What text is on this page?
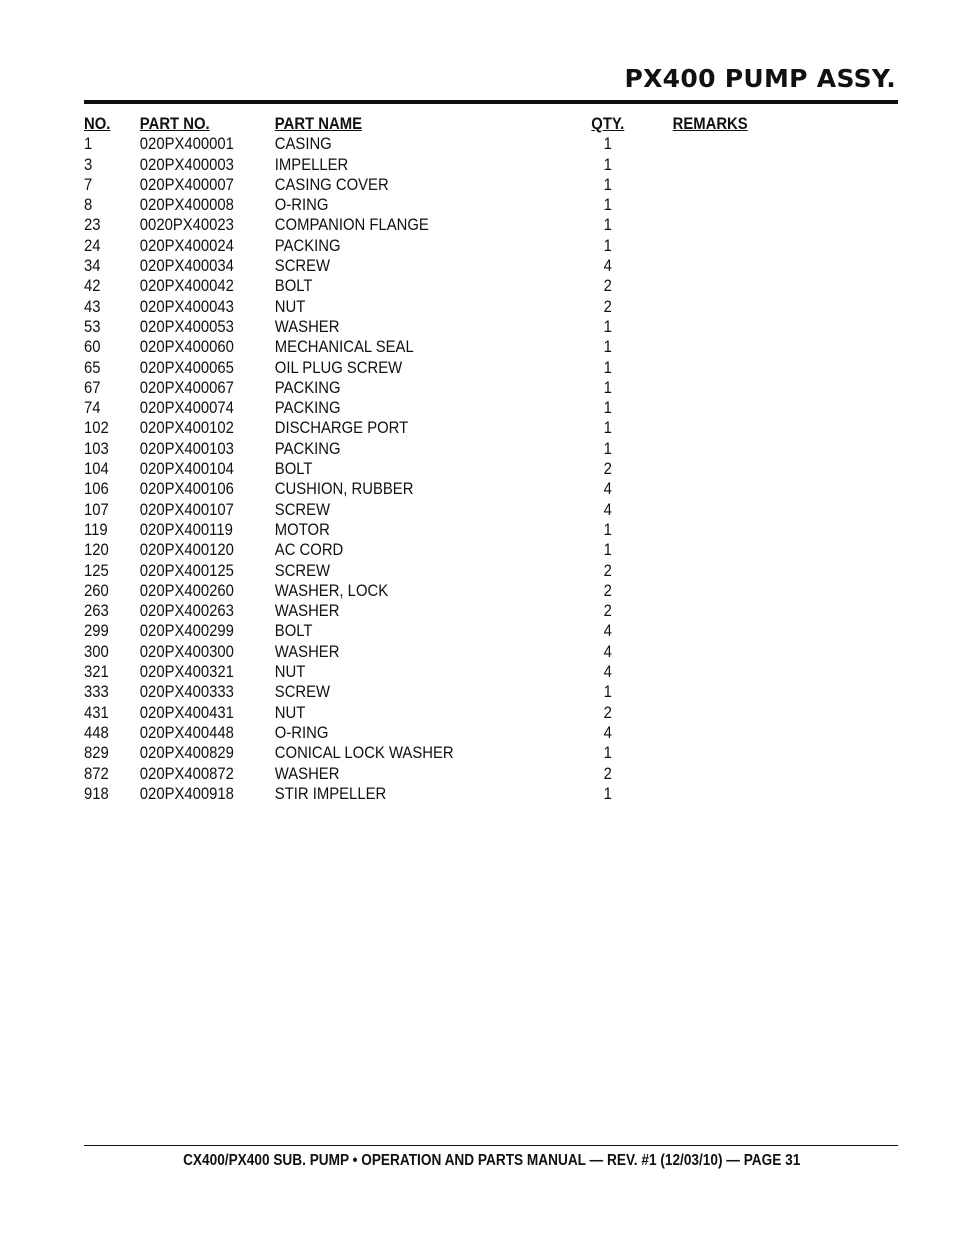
PX400 PUMP ASSY.
NO. PART NO.	PART NAME	QTY.	REMARKS
1	020PX400001 CASING	1
3	020PX400003 IMPELLER	1
7	020PX400007 CASING COVER	1
8	020PX400008 O-RING	1
23 0020PX40023 COMPANION FLANGE	1
24 020PX400024 PACKING	1
34 020PX400034 SCREW	4
42 020PX400042 BOLT	2
43 020PX400043 NUT	2
53 020PX400053 WASHER	1
60 020PX400060 MECHANICAL SEAL	1
65 020PX400065 OIL PLUG SCREW	1
67 020PX400067 PACKING	1
74 020PX400074 PACKING	1
102 020PX400102 DISCHARGE PORT	1
103 020PX400103 PACKING	1
104 020PX400104 BOLT	2
106 020PX400106 CUSHION, RUBBER	4
107 020PX400107 SCREW	4
119 020PX400119	MOTOR	1
120 020PX400120 AC CORD	1
125 020PX400125 SCREW	2
260 020PX400260 WASHER, LOCK	2
263 020PX400263 WASHER	2
299 020PX400299 BOLT	4
300 020PX400300 WASHER	4
321 020PX400321 NUT	4
333 020PX400333 SCREW	1
431 020PX400431 NUT	2
448 020PX400448 O-RING	4
829 020PX400829 CONICAL LOCK WASHER	1
872 020PX400872 WASHER	2
918 020PX400918 STIR IMPELLER	1
CX400/PX400 SUB. PUMP • OPERATION AND PARTS MANUAL — REV. #1 (12/03/10) — PAGE 31
